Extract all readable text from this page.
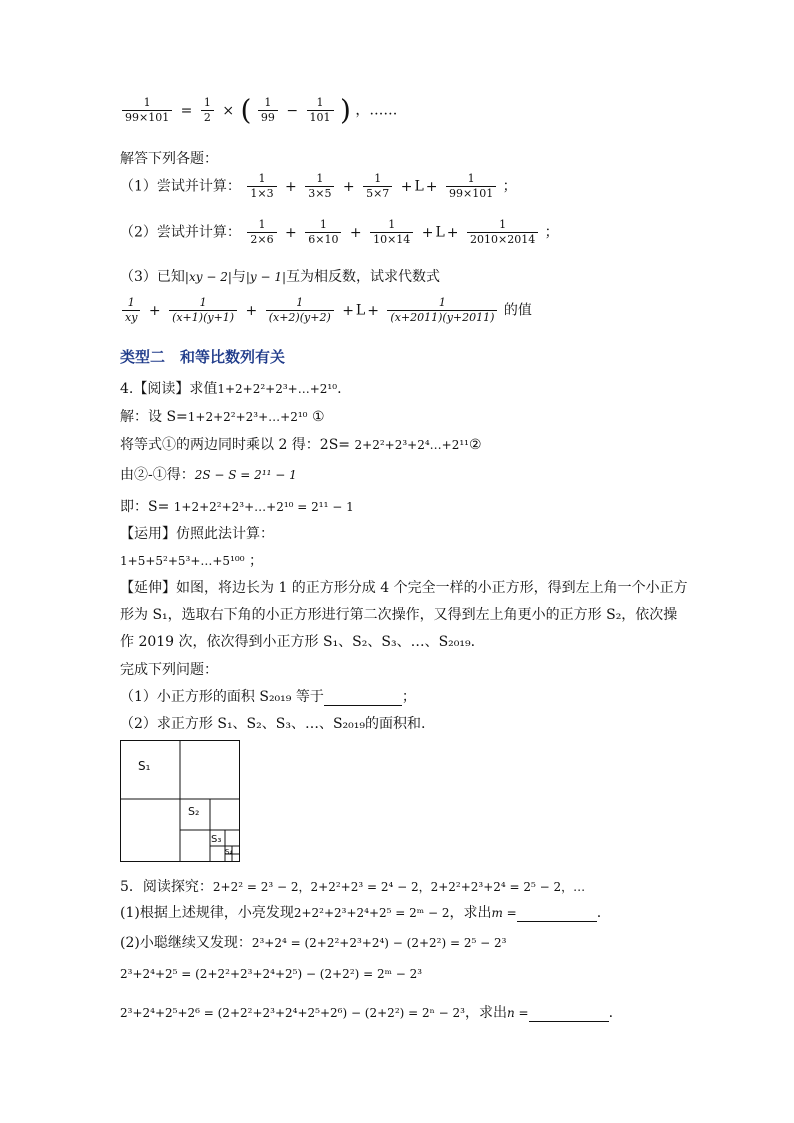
$\frac{1}{99\times 101} = \frac{1}{2}$ × ( $\frac{1}{99} - \frac{1}{101}$ ) ，……
解答下列各题：
（1）尝试并计算： $\frac{1}{1\times 3} + \frac{1}{3\times 5} + \frac{1}{5\times 7} + L + \frac{1}{99\times 101}$ ；
（2）尝试并计算： $\frac{1}{2\times 6} + \frac{1}{6\times 10} + \frac{1}{10\times 14} + L + \frac{1}{2010\times 2014}$ ；
（3）已知|xy − 2|与|y − 1|互为相反数，试求代数式
$\frac{1}{xy} + \frac{1}{(x+1)(y+1)} + \frac{1}{(x+2)(y+2)} + L + \frac{1}{(x+2011)(y+2011)}$ 的值
类型二　和等比数列有关
4.【阅读】求值1+2+2²+2³+…+2¹⁰.
解：设 S=1+2+2²+2³+…+2¹⁰ ①
将等式①的两边同时乘以 2 得：2S= 2+2²+2³+2⁴…+2¹¹②
由②-①得：2S − S = 2¹¹ − 1
即：S= 1+2+2²+2³+…+2¹⁰ = 2¹¹ − 1
【运用】仿照此法计算：
1+5+5²+5³+…+5¹⁰⁰ ；
【延伸】如图，将边长为 1 的正方形分成 4 个完全一样的小正方形，得到左上角一个小正方
形为 S₁，选取右下角的小正方形进行第二次操作，又得到左上角更小的正方形 S₂，依次操
作 2019 次，依次得到小正方形 S₁、S₂、S₃、…、S₂₀₁₉.
完成下列问题：
（1）小正方形的面积 S₂₀₁₉ 等于	；
（2）求正方形 S₁、S₂、S₃、…、S₂₀₁₉的面积和.
S₁
S₂
S₃
S₄
5．阅读探究：2+2² = 2³ − 2，2+2²+2³ = 2⁴ − 2，2+2²+2³+2⁴ = 2⁵ − 2，…
(1)根据上述规律，小亮发现2+2²+2³+2⁴+2⁵ = 2ᵐ − 2，求出m =	.
(2)小聪继续又发现：2³+2⁴ = (2+2²+2³+2⁴) − (2+2²) = 2⁵ − 2³
2³+2⁴+2⁵ = (2+2²+2³+2⁴+2⁵) − (2+2²) = 2ᵐ − 2³
2³+2⁴+2⁵+2⁶ = (2+2²+2³+2⁴+2⁵+2⁶) − (2+2²) = 2ⁿ − 2³，求出n =	.
